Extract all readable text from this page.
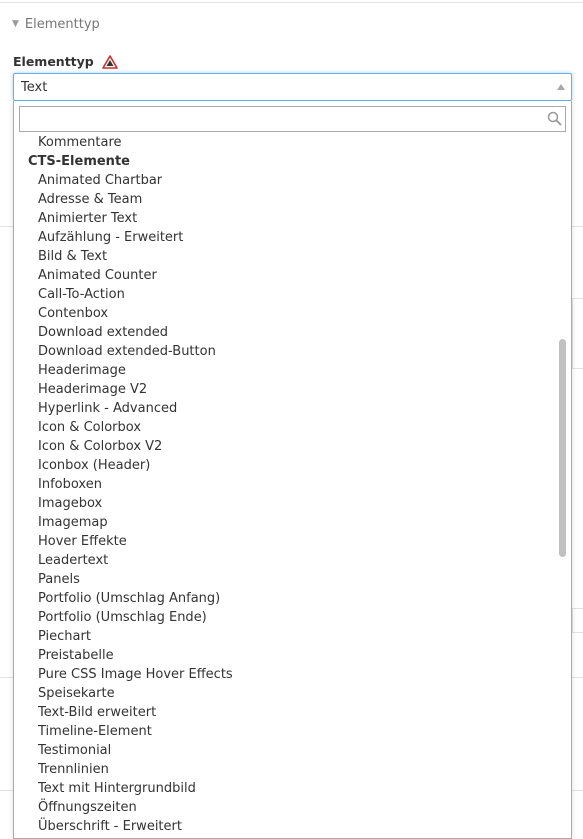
▼ Elementtyp
Elementtyp
Text
Kommentare
CTS-Elemente
Animated Chartbar
Adresse & Team
Animierter Text
Aufzählung - Erweitert
Bild & Text
Animated Counter
Call-To-Action
Contenbox
Download extended
Download extended-Button
Headerimage
Headerimage V2
Hyperlink - Advanced
Icon & Colorbox
Icon & Colorbox V2
Iconbox (Header)
Infoboxen
Imagebox
Imagemap
Hover Effekte
Leadertext
Panels
Portfolio (Umschlag Anfang)
Portfolio (Umschlag Ende)
Piechart
Preistabelle
Pure CSS Image Hover Effects
Speisekarte
Text-Bild erweitert
Timeline-Element
Testimonial
Trennlinien
Text mit Hintergrundbild
Öffnungszeiten
Überschrift - Erweitert
